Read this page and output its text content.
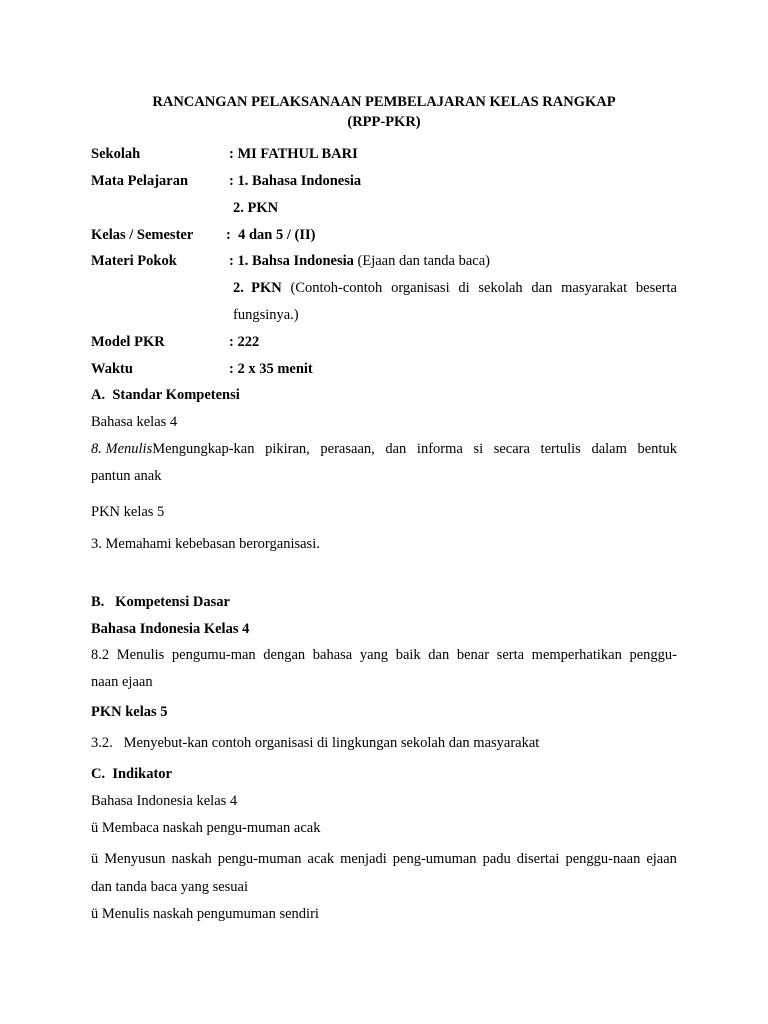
RANCANGAN PELAKSANAAN PEMBELAJARAN KELAS RANGKAP
(RPP-PKR)
Sekolah	: MI FATHUL BARI
Mata Pelajaran	: 1. Bahasa Indonesia
2. PKN
Kelas / Semester :  4 dan 5 / (II)
Materi Pokok	: 1. Bahsa Indonesia (Ejaan dan tanda baca)
2.  PKN (Contoh-contoh organisasi di sekolah dan masyarakat beserta
fungsinya.)
Model PKR	: 222
Waktu	: 2 x 35 menit
A.  Standar Kompetensi
Bahasa kelas 4
8. MenulisMengungkap-kan pikiran, perasaan, dan informa si secara tertulis dalam bentuk
pantun anak
PKN kelas 5
3. Memahami kebebasan berorganisasi.
B.   Kompetensi Dasar
Bahasa Indonesia Kelas 4
8.2 Menulis pengumu-man dengan bahasa yang baik dan benar serta memperhatikan penggu-
naan ejaan
PKN kelas 5
3.2.   Menyebut-kan contoh organisasi di lingkungan sekolah dan masyarakat
C.  Indikator
Bahasa Indonesia kelas 4
ü Membaca naskah pengu-muman acak
ü Menyusun naskah pengu-muman acak menjadi peng-umuman padu disertai penggu-naan ejaan
dan tanda baca yang sesuai
ü Menulis naskah pengumuman sendiri
